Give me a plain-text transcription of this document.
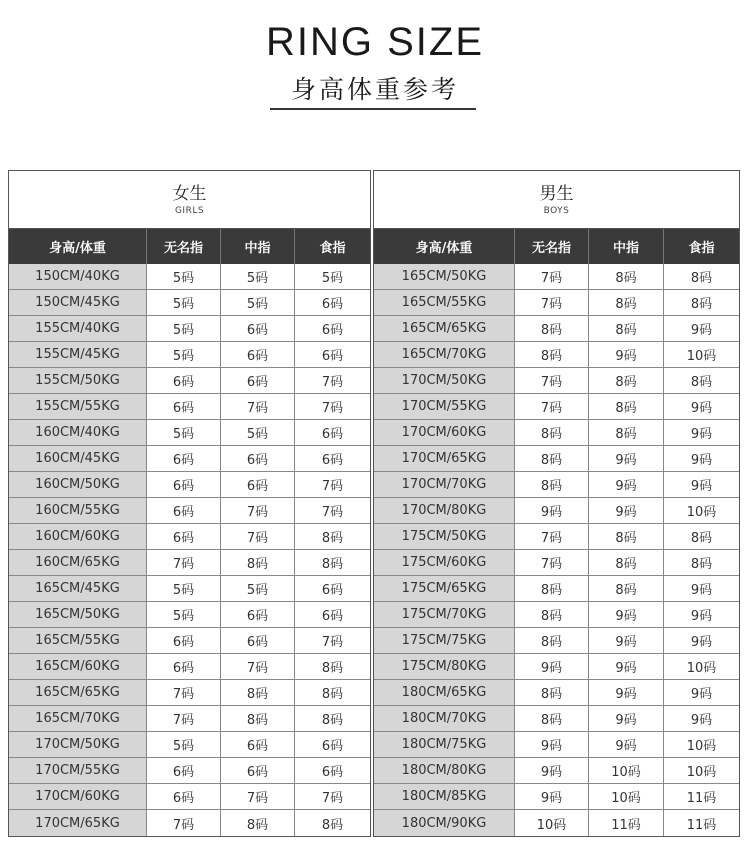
RING SIZE
身高体重参考
女生
GIRLS
身高/体重	无名指	中指	食指
150CM/40KG	5码	5码	5码
150CM/45KG	5码	5码	6码
155CM/40KG	5码	6码	6码
155CM/45KG	5码	6码	6码
155CM/50KG	6码	6码	7码
155CM/55KG	6码	7码	7码
160CM/40KG	5码	5码	6码
160CM/45KG	6码	6码	6码
160CM/50KG	6码	6码	7码
160CM/55KG	6码	7码	7码
160CM/60KG	6码	7码	8码
160CM/65KG	7码	8码	8码
165CM/45KG	5码	5码	6码
165CM/50KG	5码	6码	6码
165CM/55KG	6码	6码	7码
165CM/60KG	6码	7码	8码
165CM/65KG	7码	8码	8码
165CM/70KG	7码	8码	8码
170CM/50KG	5码	6码	6码
170CM/55KG	6码	6码	6码
170CM/60KG	6码	7码	7码
170CM/65KG	7码	8码	8码
男生
BOYS
身高/体重	无名指	中指	食指
165CM/50KG	7码	8码	8码
165CM/55KG	7码	8码	8码
165CM/65KG	8码	8码	9码
165CM/70KG	8码	9码	10码
170CM/50KG	7码	8码	8码
170CM/55KG	7码	8码	9码
170CM/60KG	8码	8码	9码
170CM/65KG	8码	9码	9码
170CM/70KG	8码	9码	9码
170CM/80KG	9码	9码	10码
175CM/50KG	7码	8码	8码
175CM/60KG	7码	8码	8码
175CM/65KG	8码	8码	9码
175CM/70KG	8码	9码	9码
175CM/75KG	8码	9码	9码
175CM/80KG	9码	9码	10码
180CM/65KG	8码	9码	9码
180CM/70KG	8码	9码	9码
180CM/75KG	9码	9码	10码
180CM/80KG	9码	10码	10码
180CM/85KG	9码	10码	11码
180CM/90KG	10码	11码	11码
